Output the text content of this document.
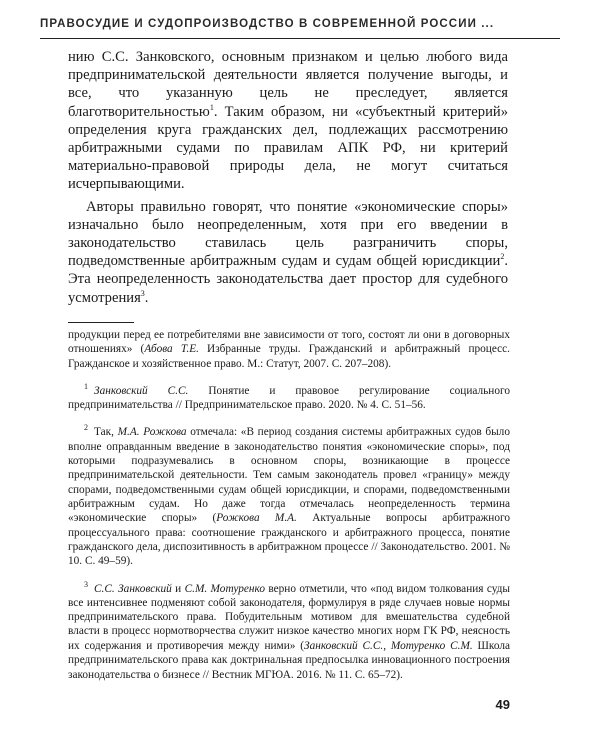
ПРАВОСУДИЕ И СУДОПРОИЗВОДСТВО В СОВРЕМЕННОЙ РОССИИ ...

нию С.С. Занковского, основным признаком и целью любого вида предпринимательской деятельности является получение выгоды, и все, что указанную цель не преследует, является благотворительностью$^1$. Таким образом, ни «субъектный критерий» определения круга гражданских дел, подлежащих рассмотрению арбитражными судами по правилам АПК РФ, ни критерий материально-правовой природы дела, не могут считаться исчерпывающими.

Авторы правильно говорят, что понятие «экономические споры» изначально было неопределенным, хотя при его введении в законодательство ставилась цель разграничить споры, подведомственные арбитражным судам и судам общей юрисдикции$^2$. Эта неопределенность законодательства дает простор для судебного усмотрения$^3$.

продукции перед ее потребителями вне зависимости от того, состоят ли они в договорных отношениях» (Абова Т.Е. Избранные труды. Гражданский и арбитражный процесс. Гражданское и хозяйственное право. М.: Статут, 2007. С. 207–208).

$^1$ Занковский С.С. Понятие и правовое регулирование социального предпринимательства // Предпринимательское право. 2020. № 4. С. 51–56.

$^2$ Так, М.А. Рожкова отмечала: «В период создания системы арбитражных судов было вполне оправданным введение в законодательство понятия «экономические споры», под которыми подразумевались в основном споры, возникающие в процессе предпринимательской деятельности. Тем самым законодатель провел «границу» между спорами, подведомственными судам общей юрисдикции, и спорами, подведомственными арбитражным судам. Но даже тогда отмечалась неопределенность термина «экономические споры» (Рожкова М.А. Актуальные вопросы арбитражного процессуального права: соотношение гражданского и арбитражного процесса, понятие гражданского дела, диспозитивность в арбитражном процессе // Законодательство. 2001. № 10. С. 49–59).

$^3$ С.С. Занковский и С.М. Мотуренко верно отметили, что «под видом толкования суды все интенсивнее подменяют собой законодателя, формулируя в ряде случаев новые нормы предпринимательского права. Побудительным мотивом для вмешательства судебной власти в процесс нормотворчества служит низкое качество многих норм ГК РФ, неясность их содержания и противоречия между ними» (Занковский С.С., Мотуренко С.М. Школа предпринимательского права как доктринальная предпосылка инновационного построения законодательства о бизнесе // Вестник МГЮА. 2016. № 11. С. 65–72).

49
